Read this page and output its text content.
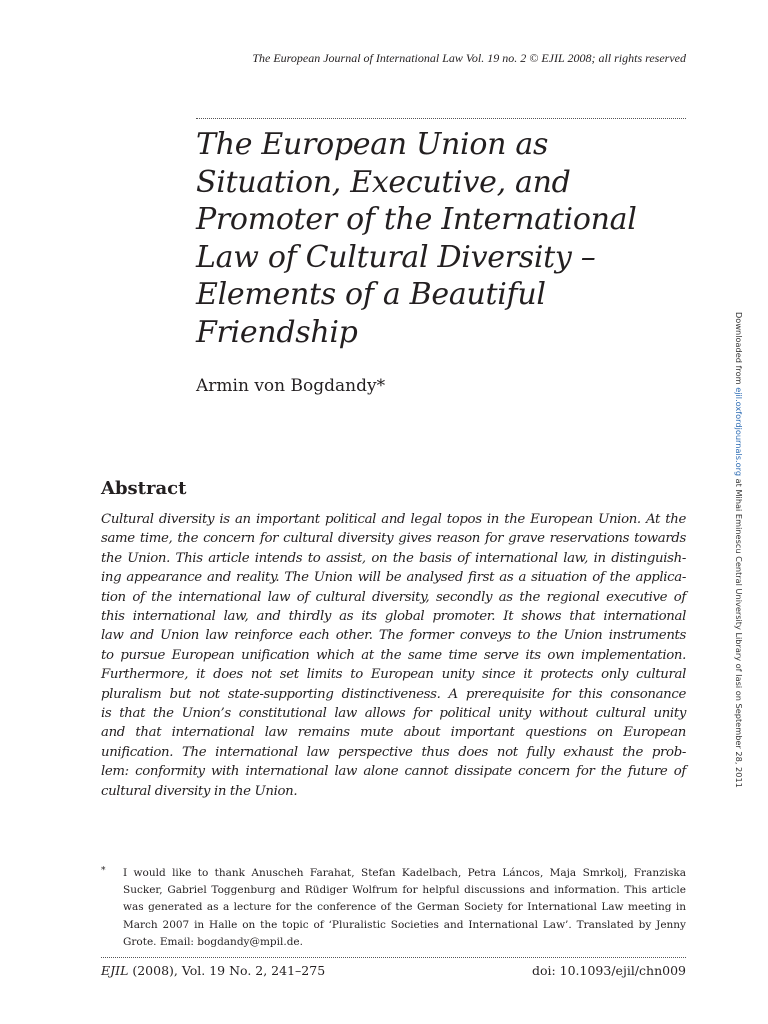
The European Journal of International Law Vol. 19 no. 2 © EJIL 2008; all rights reserved

The European Union as
Situation, Executive, and
Promoter of the International
Law of Cultural Diversity –
Elements of a Beautiful
Friendship

Armin von Bogdandy*

Abstract
Cultural diversity is an important political and legal topos in the European Union. At the
same time, the concern for cultural diversity gives reason for grave reservations towards
the Union. This article intends to assist, on the basis of international law, in distinguish-
ing appearance and reality. The Union will be analysed first as a situation of the applica-
tion of the international law of cultural diversity, secondly as the regional executive of
this international law, and thirdly as its global promoter. It shows that international
law and Union law reinforce each other. The former conveys to the Union instruments
to pursue European unification which at the same time serve its own implementation.
Furthermore, it does not set limits to European unity since it protects only cultural
pluralism but not state-supporting distinctiveness. A prerequisite for this consonance
is that the Union’s constitutional law allows for political unity without cultural unity
and that international law remains mute about important questions on European
unification. The international law perspective thus does not fully exhaust the prob-
lem: conformity with international law alone cannot dissipate concern for the future of
cultural diversity in the Union.

Downloaded from ejil.oxfordjournals.org at Mihai Eminescu Central University Library of Iasi on September 28, 2011

* I would like to thank Anuscheh Farahat, Stefan Kadelbach, Petra Láncos, Maja Smrkolj, Franziska
Sucker, Gabriel Toggenburg and Rüdiger Wolfrum for helpful discussions and information. This article
was generated as a lecture for the conference of the German Society for International Law meeting in
March 2007 in Halle on the topic of ‘Pluralistic Societies and International Law’. Translated by Jenny
Grote. Email: bogdandy@mpil.de.

EJIL (2008), Vol. 19 No. 2, 241–275	doi: 10.1093/ejil/chn009
